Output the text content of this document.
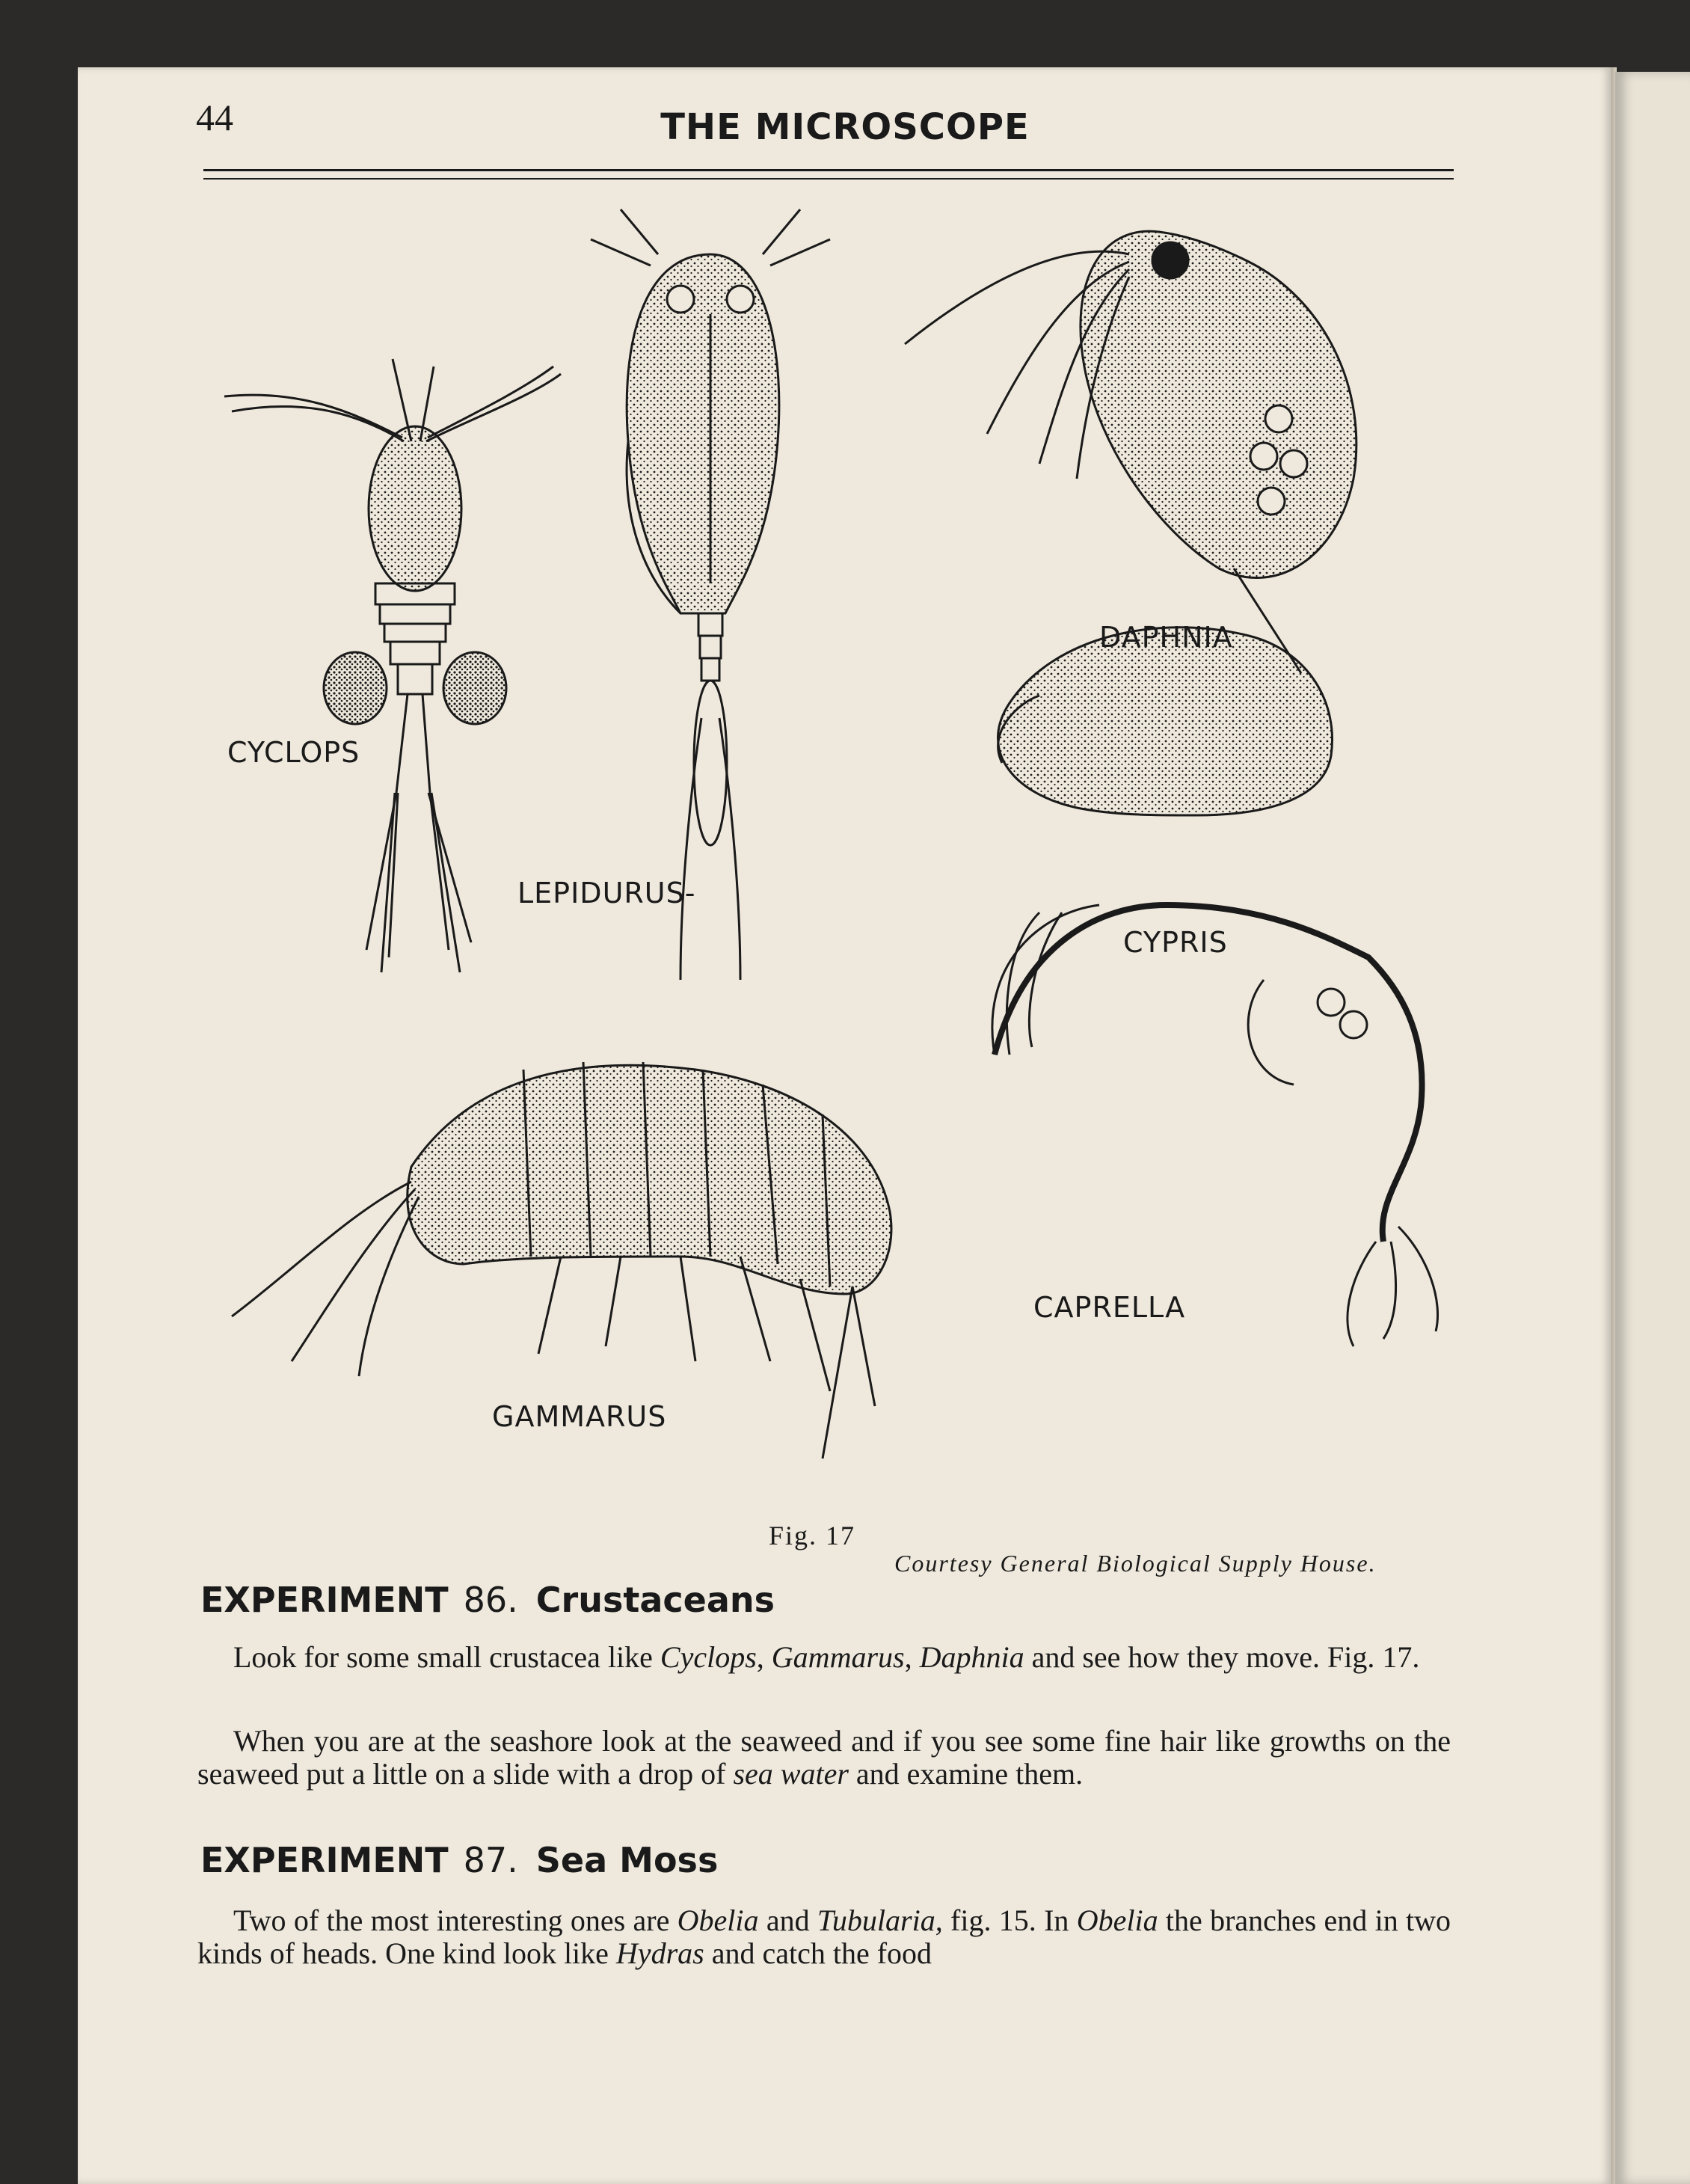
44	THE MICROSCOPE
CYCLOPS
LEPIDURUS-
DAPHNIA
CYPRIS
CAPRELLA
GAMMARUS
Fig. 17
Courtesy General Biological Supply House.
EXPERIMENT 86. Crustaceans

Look for some small crustacea like Cyclops, Gammarus, Daphnia and see how they move. Fig. 17.

When you are at the seashore look at the seaweed and if you see some fine hair like growths on the seaweed put a little on a slide with a drop of sea water and examine them.

EXPERIMENT 87. Sea Moss

Two of the most interesting ones are Obelia and Tubularia, fig. 15. In Obelia the branches end in two kinds of heads. One kind look like Hydras and catch the food
